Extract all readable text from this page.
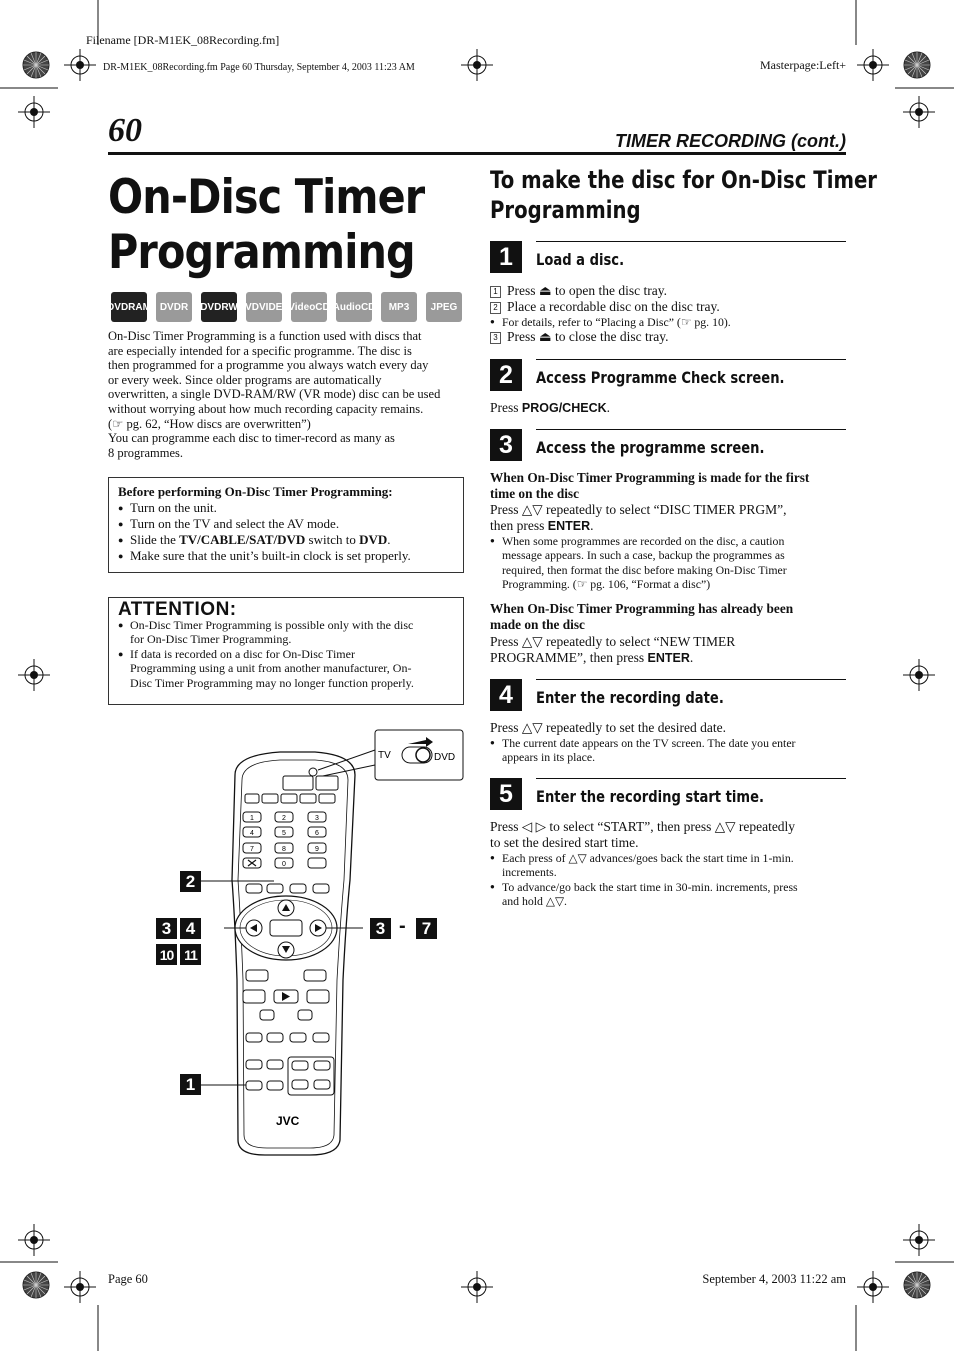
Filename [DR-M1EK_08Recording.fm]
DR-M1EK_08Recording.fm Page 60 Thursday, September 4, 2003 11:23 AM	Masterpage:Left+
60	TIMER RECORDING (cont.)
On-Disc Timer
Programming
DVD RAM DVD R DVD RW DVD VIDEO
Video CD Audio CD MP3 JPEG
On-Disc Timer Programming is a function used with discs that
are especially intended for a specific programme. The disc is
then programmed for a programme you always watch every day
or every week. Since older programs are automatically
overwritten, a single DVD-RAM/RW (VR mode) disc can be used
without worrying about how much recording capacity remains.
(☞ pg. 62, “How discs are overwritten”)
You can programme each disc to timer-record as many as
8 programmes.
Before performing On-Disc Timer Programming:
● Turn on the unit.
● Turn on the TV and select the AV mode.
● Slide the TV/CABLE/SAT/DVD switch to DVD.
● Make sure that the unit’s built-in clock is set properly.
ATTENTION:
● On-Disc Timer Programming is possible only with the disc
for On-Disc Timer Programming.
● If data is recorded on a disc for On-Disc Timer
Programming using a unit from another manufacturer, On-
Disc Timer Programming may no longer function properly.
TV	DVD
1	2	3
4	5	6
7	8	9
0
JVC
2
3 4
10 11
3 - 7
1
To make the disc for On-Disc Timer
Programming
1	Load a disc.
1 Press ⏏ to open the disc tray.
2 Place a recordable disc on the disc tray.
● For details, refer to “Placing a Disc” (☞ pg. 10).
3 Press ⏏ to close the disc tray.
2	Access Programme Check screen.
Press PROG/CHECK.
3	Access the programme screen.
When On-Disc Timer Programming is made for the first
time on the disc
Press △▽ repeatedly to select “DISC TIMER PRGM”,
then press ENTER.
● When some programmes are recorded on the disc, a caution
message appears. In such a case, backup the programmes as
required, then format the disc before making On-Disc Timer
Programming. (☞ pg. 106, “Format a disc”)
When On-Disc Timer Programming has already been
made on the disc
Press △▽ repeatedly to select “NEW TIMER
PROGRAMME”, then press ENTER.
4	Enter the recording date.
Press △▽ repeatedly to set the desired date.
● The current date appears on the TV screen. The date you enter
appears in its place.
5	Enter the recording start time.
Press ◁ ▷ to select “START”, then press △▽ repeatedly
to set the desired start time.
● Each press of △▽ advances/goes back the start time in 1-min.
increments.
● To advance/go back the start time in 30-min. increments, press
and hold △▽.
Page 60	September 4, 2003 11:22 am
